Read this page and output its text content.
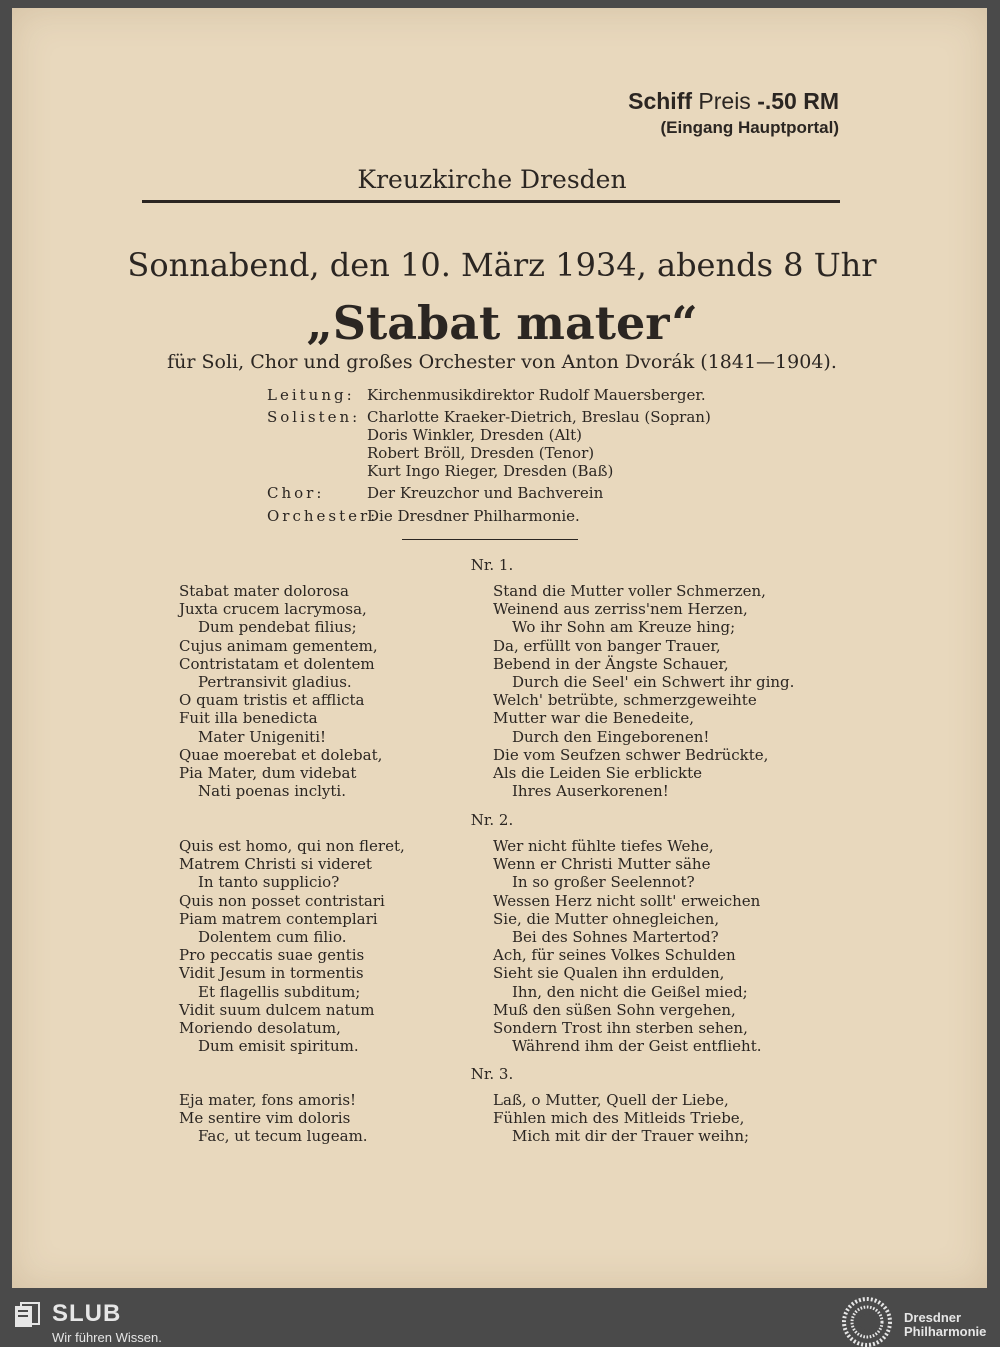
Schiff Preis -.50 RM
(Eingang Hauptportal)
Kreuzkirche Dresden
Sonnabend, den 10. März 1934, abends 8 Uhr
„Stabat mater“
für Soli, Chor und großes Orchester von Anton Dvorák (1841—1904).
Leitung: Kirchenmusikdirektor Rudolf Mauersberger.
Solisten: Charlotte Kraeker-Dietrich, Breslau (Sopran)
Doris Winkler, Dresden (Alt)
Robert Bröll, Dresden (Tenor)
Kurt Ingo Rieger, Dresden (Baß)
Chor:	Der Kreuzchor und Bachverein
Orchester:
Die Dresdner Philharmonie.
Nr. 1.
Stabat mater dolorosa
Juxta crucem lacrymosa,
Dum pendebat filius;
Cujus animam gementem,
Contristatam et dolentem
Pertransivit gladius.
O quam tristis et afflicta
Fuit illa benedicta
Mater Unigeniti!
Quae moerebat et dolebat,
Pia Mater, dum videbat
Nati poenas inclyti.
Stand die Mutter voller Schmerzen,
Weinend aus zerriss'nem Herzen,
Wo ihr Sohn am Kreuze hing;
Da, erfüllt von banger Trauer,
Bebend in der Ängste Schauer,
Durch die Seel' ein Schwert ihr ging.
Welch' betrübte, schmerzgeweihte
Mutter war die Benedeite,
Durch den Eingeborenen!
Die vom Seufzen schwer Bedrückte,
Als die Leiden Sie erblickte
Ihres Auserkorenen!
Nr. 2.
Quis est homo, qui non fleret,
Matrem Christi si videret
In tanto supplicio?
Quis non posset contristari
Piam matrem contemplari
Dolentem cum filio.
Pro peccatis suae gentis
Vidit Jesum in tormentis
Et flagellis subditum;
Vidit suum dulcem natum
Moriendo desolatum,
Dum emisit spiritum.
Wer nicht fühlte tiefes Wehe,
Wenn er Christi Mutter sähe
In so großer Seelennot?
Wessen Herz nicht sollt' erweichen
Sie, die Mutter ohnegleichen,
Bei des Sohnes Martertod?
Ach, für seines Volkes Schulden
Sieht sie Qualen ihn erdulden,
Ihn, den nicht die Geißel mied;
Muß den süßen Sohn vergehen,
Sondern Trost ihn sterben sehen,
Während ihm der Geist entflieht.
Nr. 3.
Eja mater, fons amoris!
Me sentire vim doloris
Fac, ut tecum lugeam.
Laß, o Mutter, Quell der Liebe,
Fühlen mich des Mitleids Triebe,
Mich mit dir der Trauer weihn;
SLUB
Wir führen Wissen.
Dresdner
Philharmonie
